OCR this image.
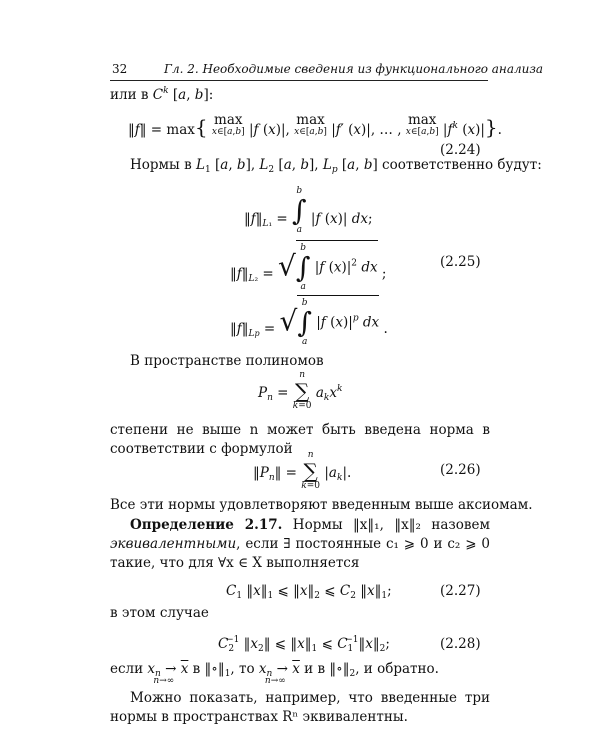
32	Гл. 2. Необходимые сведения из функционального анализа
или в $C^k$ [a, b]:
‖f‖ = max{ max
x∈[a,b] |f (x)|, max
x∈[a,b] |f′ (x)|, … , max
x∈[a,b] $|f^k$ (x)|}.
(2.24)
Нормы в $L_1$ [a, b], $L_2$ [a, b], $L_p$ [a, b] соответственно будут:
$‖f‖_{L_1}$ =
b
∫
a
|f (x)| dx;
$‖f‖_{L_2}$ = √
b
∫
a
|f $(x)|^2$ dx ;
(2.25)
$‖f‖_{Lp}$ = √
b
∫
a
|f $(x)|^p$ dx .
В пространстве полиномов
$P_n$ =
n
∑
k=0
$a_kx^k$
степени не выше n может быть введена норма в соответствии с формулой
$‖P_n‖$ =
n
∑
k=0
$|a_k|$.	(2.26)
Все эти нормы удовлетворяют введенным выше аксиомам.
Определение 2.17. Нормы ‖x‖₁, ‖x‖₂ назовем эквивалентными, если ∃ постоянные c₁ ⩾ 0 и c₂ ⩾ 0 такие, что для ∀x ∈ X выполняется
$C_1$ $‖x‖_1$ ⩽ $‖x‖_2$ ⩽ $C_2$ $‖x‖_1$;	(2.27)
в этом случае
$C_2^{-1}$ $‖x_2‖$ ⩽ $‖x‖_1$ ⩽ $C_1^{-1}‖x‖_2$;	(2.28)
если $x_n \to \overline{x}$
n→∞
в $‖\circ‖_1$, то $x_n \to \overline{x}$
n→∞
и в $‖\circ‖_2$, и обратно.
Можно показать, например, что введенные три нормы в пространствах Rⁿ эквивалентны.
